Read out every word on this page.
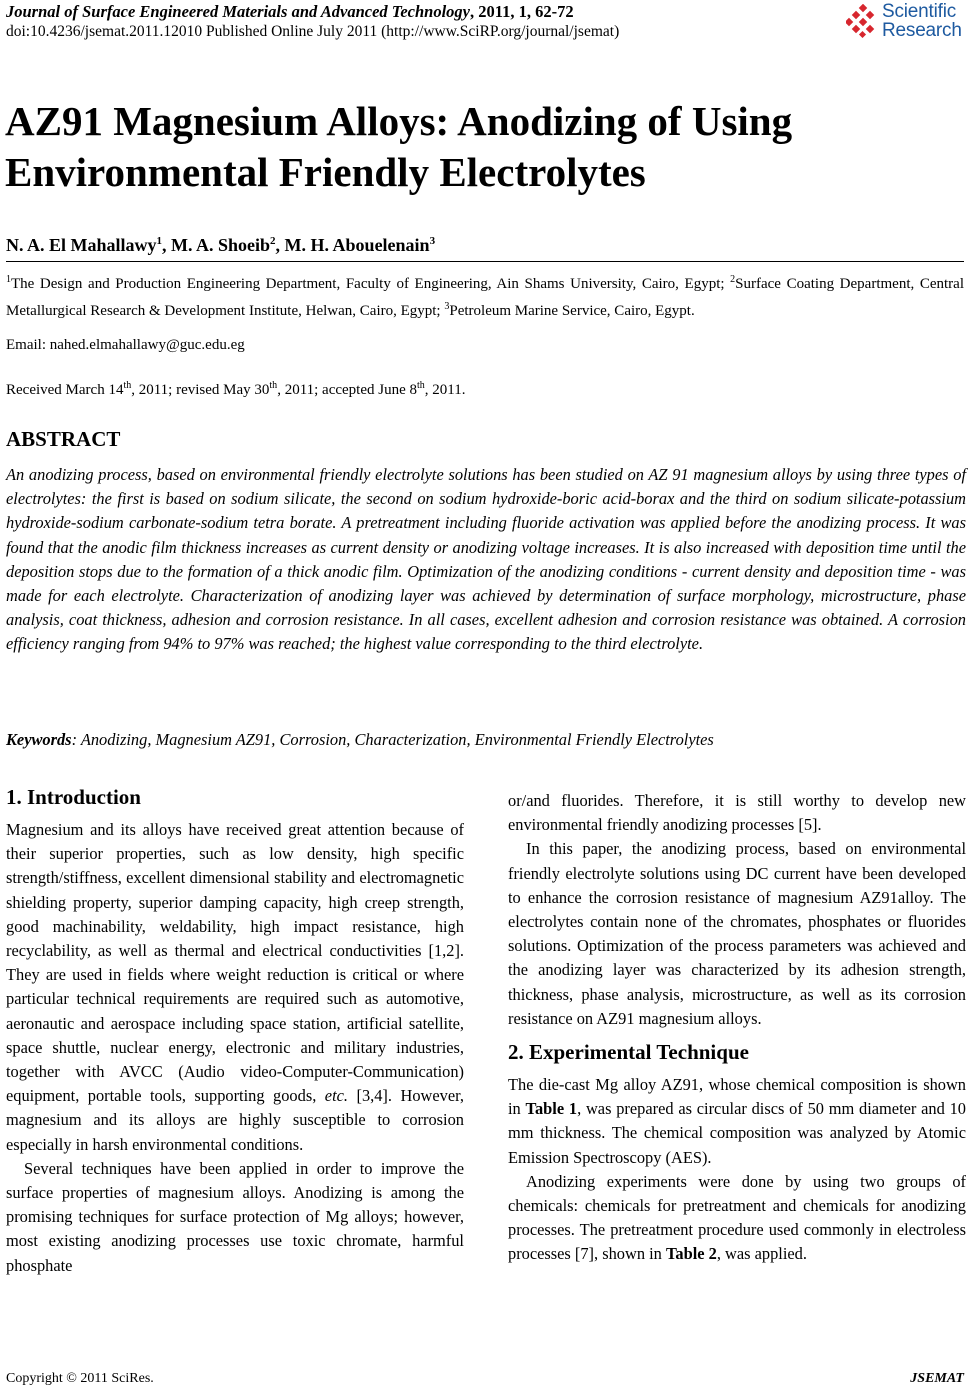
Journal of Surface Engineered Materials and Advanced Technology, 2011, 1, 62-72
doi:10.4236/jsemat.2011.12010 Published Online July 2011 (http://www.SciRP.org/journal/jsemat)
Scientific
Research
AZ91 Magnesium Alloys: Anodizing of Using
Environmental Friendly Electrolytes
N. A. El Mahallawy$^1$, M. A. Shoeib$^2$, M. H. Abouelenain$^3$
$^1$The Design and Production Engineering Department, Faculty of Engineering, Ain Shams University, Cairo, Egypt; $^2$Surface Coating Department, Central Metallurgical Research & Development Institute, Helwan, Cairo, Egypt; $^3$Petroleum Marine Service, Cairo, Egypt.
Email: nahed.elmahallawy@guc.edu.eg
Received March 14th, 2011; revised May 30th, 2011; accepted June 8th, 2011.
ABSTRACT
An anodizing process, based on environmental friendly electrolyte solutions has been studied on AZ 91 magnesium alloys by using three types of electrolytes: the first is based on sodium silicate, the second on sodium hydroxide-boric acid-borax and the third on sodium silicate-potassium hydroxide-sodium carbonate-sodium tetra borate. A pretreatment including fluoride activation was applied before the anodizing process. It was found that the anodic film thickness increases as current density or anodizing voltage increases. It is also increased with deposition time until the deposition stops due to the formation of a thick anodic film. Optimization of the anodizing conditions - current density and deposition time - was made for each electrolyte. Characterization of anodizing layer was achieved by determination of surface morphology, microstructure, phase analysis, coat thickness, adhesion and corrosion resistance. In all cases, excellent adhesion and corrosion resistance was obtained. A corrosion efficiency ranging from 94% to 97% was reached; the highest value corresponding to the third electrolyte.
Keywords: Anodizing, Magnesium AZ91, Corrosion, Characterization, Environmental Friendly Electrolytes
1. Introduction

Magnesium and its alloys have received great attention because of their superior properties, such as low density, high specific strength/stiffness, excellent dimensional stability and electromagnetic shielding property, superior damping capacity, high creep strength, good machinability, weldability, high impact resistance, high recyclability, as well as thermal and electrical conductivities [1,2]. They are used in fields where weight reduction is critical or where particular technical requirements are required such as automotive, aeronautic and aerospace including space station, artificial satellite, space shuttle, nuclear energy, electronic and military industries, together with AVCC (Audio video-Computer-Communication) equipment, portable tools, supporting goods, etc. [3,4]. However, magnesium and its alloys are highly susceptible to corrosion especially in harsh environmental conditions.

Several techniques have been applied in order to improve the surface properties of magnesium alloys. Anodizing is among the promising techniques for surface protection of Mg alloys; however, most existing anodizing processes use toxic chromate, harmful phosphate

or/and fluorides. Therefore, it is still worthy to develop new environmental friendly anodizing processes [5].

In this paper, the anodizing process, based on environmental friendly electrolyte solutions using DC current have been developed to enhance the corrosion resistance of magnesium AZ91alloy. The electrolytes contain none of the chromates, phosphates or fluorides solutions. Optimization of the process parameters was achieved and the anodizing layer was characterized by its adhesion strength, thickness, phase analysis, microstructure, as well as its corrosion resistance on AZ91 magnesium alloys.

2. Experimental Technique

The die-cast Mg alloy AZ91, whose chemical composition is shown in Table 1, was prepared as circular discs of 50 mm diameter and 10 mm thickness. The chemical composition was analyzed by Atomic Emission Spectroscopy (AES).

Anodizing experiments were done by using two groups of chemicals: chemicals for pretreatment and chemicals for anodizing processes. The pretreatment procedure used commonly in electroless processes [7], shown in Table 2, was applied.

Copyright © 2011 SciRes.	JSEMAT
